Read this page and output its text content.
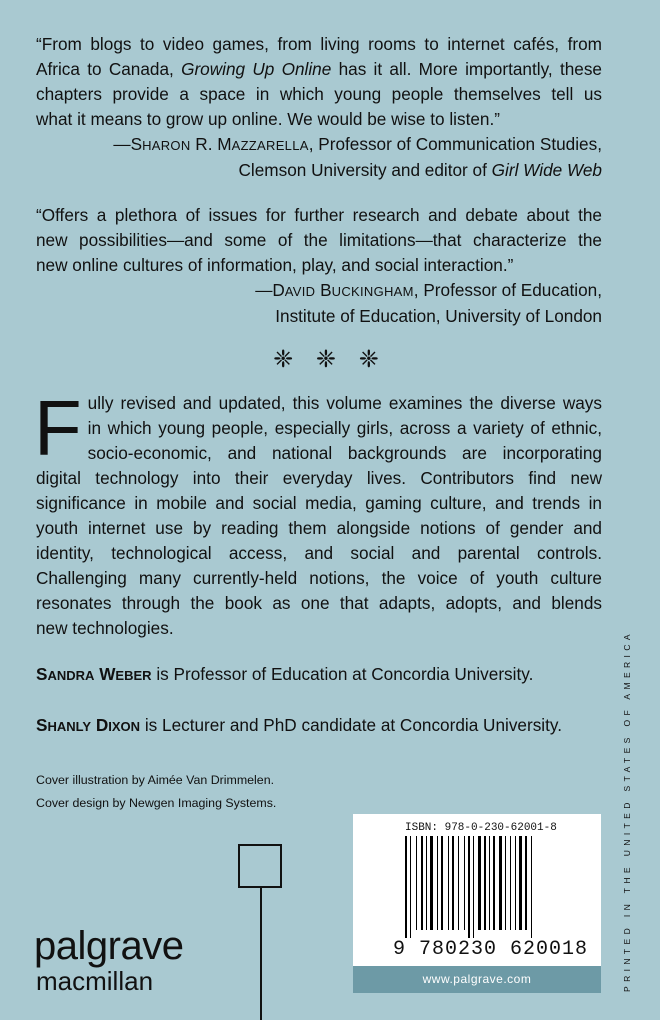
“From blogs to video games, from living rooms to internet cafés, from
Africa to Canada, Growing Up Online has it all. More importantly, these
chapters provide a space in which young people themselves tell us
what it means to grow up online. We would be wise to listen.”
—SHARON R. MAZZARELLA, Professor of Communication Studies,
Clemson University and editor of Girl Wide Web
“Offers a plethora of issues for further research and debate about the
new possibilities—and some of the limitations—that characterize the
new online cultures of information, play, and social interaction.”
—DAVID BUCKINGHAM, Professor of Education,
Institute of Education, University of London
❈ ❈ ❈
F ully revised and updated, this volume examines the diverse ways
in which young people, especially girls, across a variety of ethnic,
socio-economic, and national backgrounds are incorporating
digital technology into their everyday lives. Contributors find new
significance in mobile and social media, gaming culture, and trends in
youth internet use by reading them alongside notions of gender and
identity, technological access, and social and parental controls.
Challenging many currently-held notions, the voice of youth culture
resonates through the book as one that adapts, adopts, and blends
new technologies.
SANDRA WEBER is Professor of Education at Concordia University.
SHANLY DIXON is Lecturer and PhD candidate at Concordia University.
Cover illustration by Aimée Van Drimmelen.
Cover design by Newgen Imaging Systems.
palgrave
macmillan
ISBN: 978-0-230-62001-8
9 780230 620018
www.palgrave.com	PRINTED IN THE UNITED STATES OF AMERICA
